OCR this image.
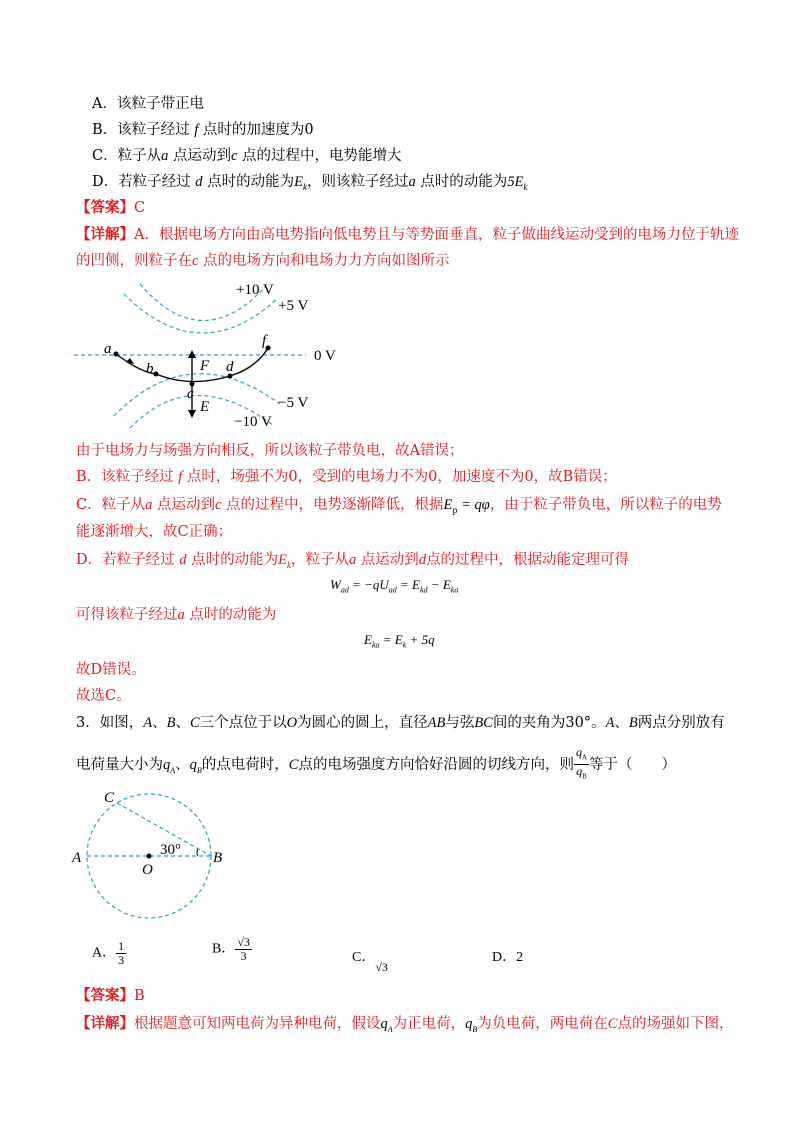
A．该粒子带正电
B．该粒子经过 f 点时的加速度为0
C．粒子从a 点运动到c 点的过程中，电势能增大
D．若粒子经过 d 点时的动能为$E_k$，则该粒子经过a 点时的动能为$5E_k$
【答案】C
【详解】A．根据电场方向由高电势指向低电势且与等势面垂直，粒子做曲线运动受到的电场力位于轨迹
的凹侧，则粒子在c 点的电场方向和电场力力方向如图所示
+10 V
+5 V
0 V
−5 V
−10 V
a
b
c
d
f
F
E
由于电场力与场强方向相反，所以该粒子带负电，故A错误；
B．该粒子经过 f 点时，场强不为0，受到的电场力不为0，加速度不为0，故B错误；
C．粒子从a 点运动到c 点的过程中，电势逐渐降低，根据$E_p = q\varphi$，由于粒子带负电，所以粒子的电势
能逐渐增大，故C正确；
D．若粒子经过 d 点时的动能为$E_k$，粒子从a 点运动到d点的过程中，根据动能定理可得
$W_{ad} = -qU_{ad} = E_{kd} - E_{ka}$
可得该粒子经过a 点时的动能为
$E_{ka} = E_k + 5q$
故D错误。
故选C。
3．如图，A、B、C三个点位于以O为圆心的圆上，直径AB与弦BC间的夹角为30°。A、B两点分别放有
电荷量大小为$q_A$、$q_B$的点电荷时，C点的电场强度方向恰好沿圆的切线方向，则 $\frac{q_A}{q_B}$ 等于（　　）
C
A	B
O
30°
A． $\frac{1}{3}$	B． $\frac{√3}{3}$	C．√3
D．2
【答案】B
【详解】根据题意可知两电荷为异种电荷，假设$q_A$为正电荷，$q_B$为负电荷，两电荷在C点的场强如下图，
